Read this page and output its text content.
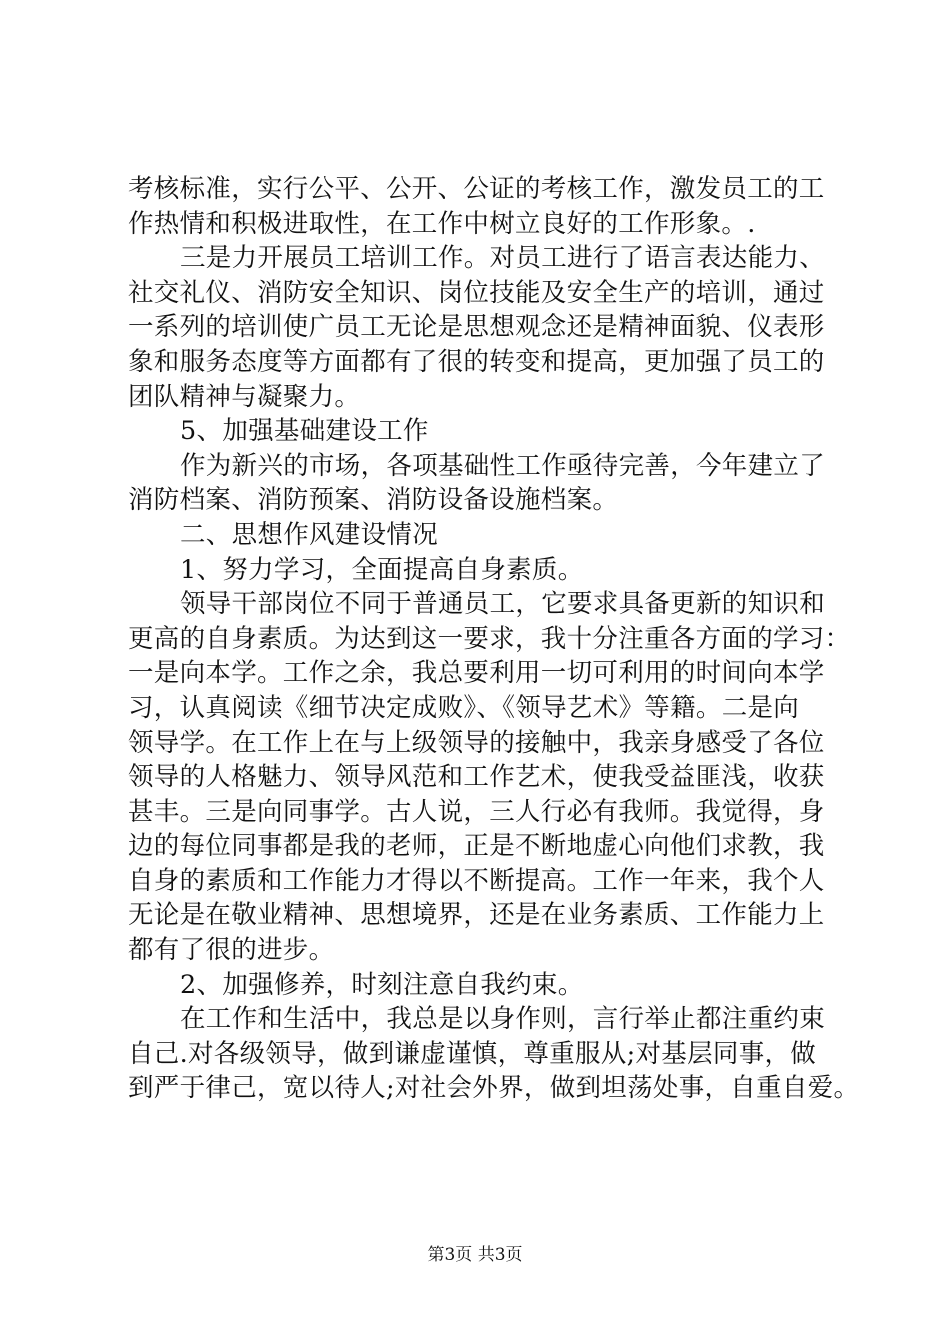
考核标准，实行公平、公开、公证的考核工作，激发员工的工
作热情和积极进取性，在工作中树立良好的工作形象。.
三是力开展员工培训工作。对员工进行了语言表达能力、
社交礼仪、消防安全知识、岗位技能及安全生产的培训，通过
一系列的培训使广员工无论是思想观念还是精神面貌、仪表形
象和服务态度等方面都有了很的转变和提高，更加强了员工的
团队精神与凝聚力。
5、加强基础建设工作
作为新兴的市场，各项基础性工作亟待完善，今年建立了
消防档案、消防预案、消防设备设施档案。
二、思想作风建设情况
1、努力学习，全面提高自身素质。
领导干部岗位不同于普通员工，它要求具备更新的知识和
更高的自身素质。为达到这一要求，我十分注重各方面的学习：
一是向本学。工作之余，我总要利用一切可利用的时间向本学
习，认真阅读《细节决定成败》、《领导艺术》等籍。二是向
领导学。在工作上在与上级领导的接触中，我亲身感受了各位
领导的人格魅力、领导风范和工作艺术，使我受益匪浅，收获
甚丰。三是向同事学。古人说，三人行必有我师。我觉得，身
边的每位同事都是我的老师，正是不断地虚心向他们求教，我
自身的素质和工作能力才得以不断提高。工作一年来，我个人
无论是在敬业精神、思想境界，还是在业务素质、工作能力上
都有了很的进步。
2、加强修养，时刻注意自我约束。
在工作和生活中，我总是以身作则，言行举止都注重约束
自己.对各级领导，做到谦虚谨慎，尊重服从;对基层同事，做
到严于律己，宽以待人;对社会外界，做到坦荡处事，自重自爱。
第3页 共3页
